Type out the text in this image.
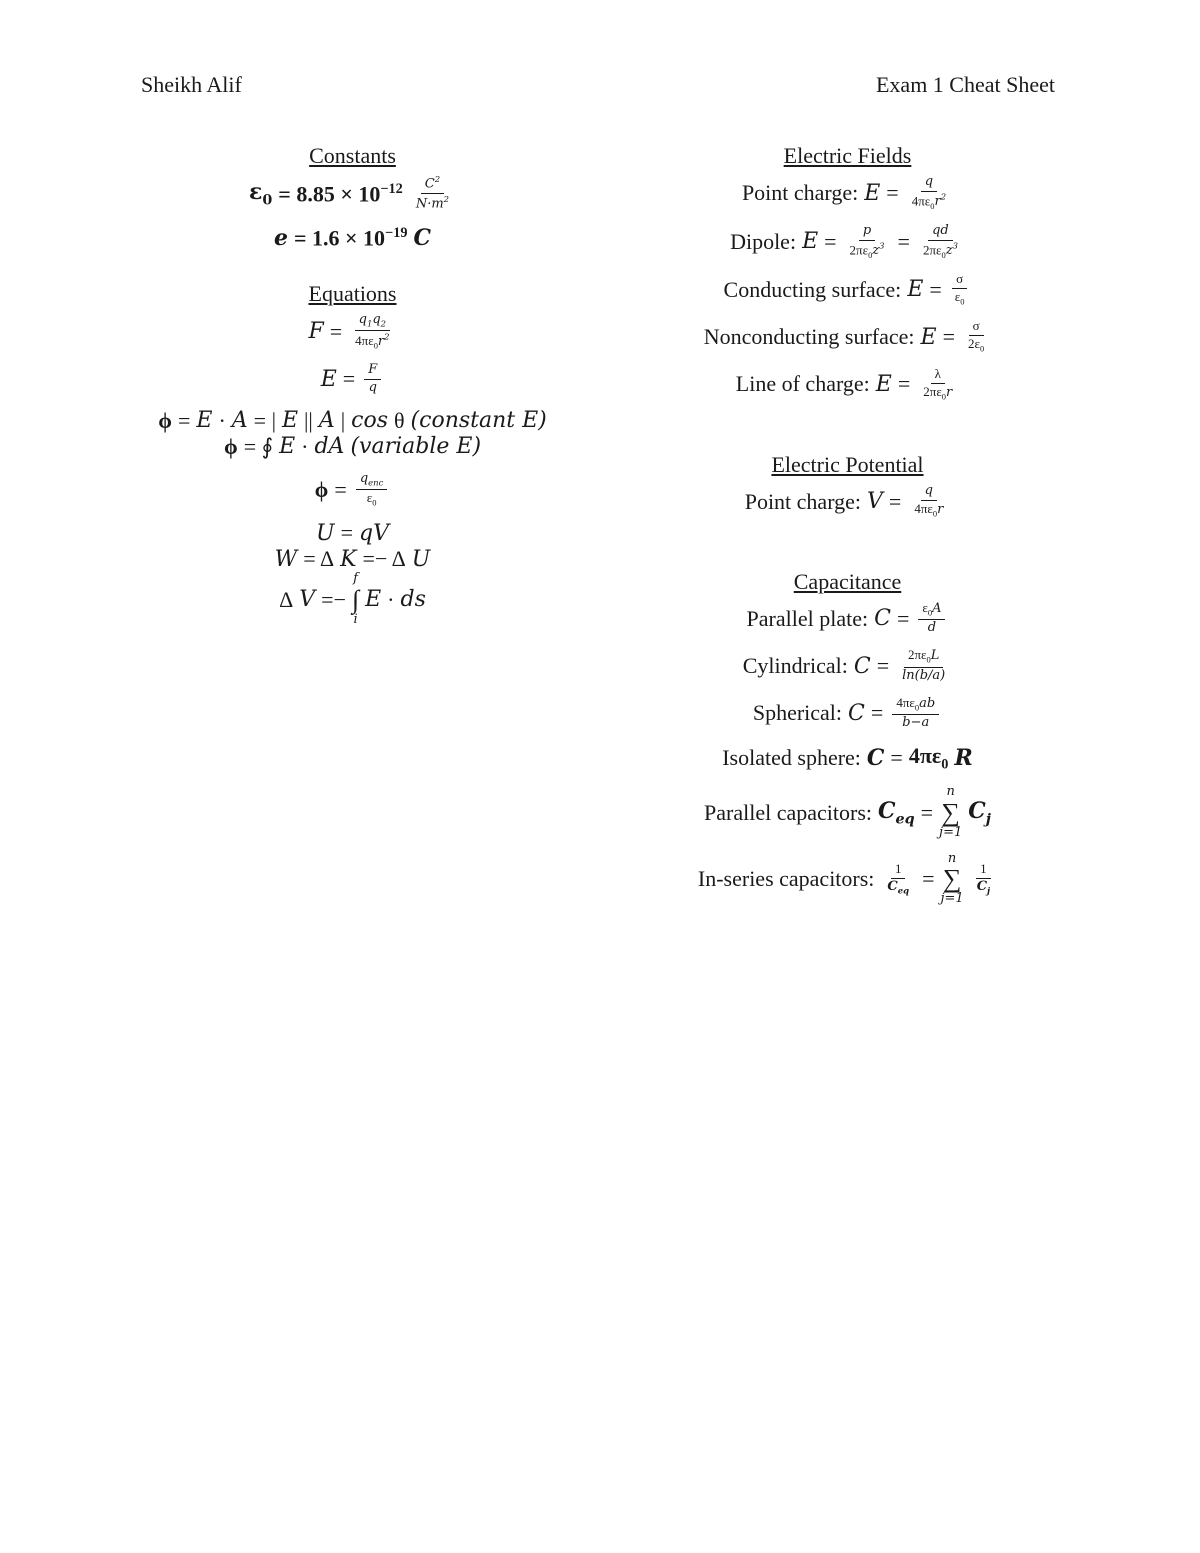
Sheikh Alif	Exam 1 Cheat Sheet
Constants
$\varepsilon_0 = 8.85 \times 10^{-12} \frac{C^2}{N\cdot m^2}$
$e = 1.6 \times 10^{-19}$ C
Equations
$F = \frac{q_1q_2}{4\pi\varepsilon_0r^2}$
$E = \frac{F}{q}$
ϕ = E · A = | E || A | cos θ (constant E)
ϕ = ∮ E · dA (variable E)
$\phi = \frac{q_{enc}}{\varepsilon_0}$
U = qV
W = Δ K =− Δ U
Δ V =−
f
∫
i
E · ds
Electric Fields
Point charge: $E = \frac{q}{4\pi\varepsilon_0r^2}$
Dipole: $E = \frac{p}{2\pi\varepsilon_0z^3} = \frac{qd}{2\pi\varepsilon_0z^3}$
Conducting surface: $E = \frac{\sigma}{\varepsilon_0}$
Nonconducting surface: $E = \frac{\sigma}{2\varepsilon_0}$
Line of charge: $E = \frac{\lambda}{2\pi\varepsilon_0r}$
Electric Potential
Point charge: $V = \frac{q}{4\pi\varepsilon_0r}$
Capacitance
Parallel plate: $C = \frac{\varepsilon_0A}{d}$
Cylindrical: $C = \frac{2\pi\varepsilon_0L}{\ln(b/a)}$
Spherical: $C = \frac{4\pi\varepsilon_0ab}{b-a}$
Isolated sphere: $C = 4\pi\varepsilon_0$ R
Parallel capacitors: $C_{eq}$ =
n
∑
j=1
$C_j$
In-series capacitors: $\frac{1}{C_{eq}}$ =
n
∑
j=1
$\frac{1}{C_j}$
